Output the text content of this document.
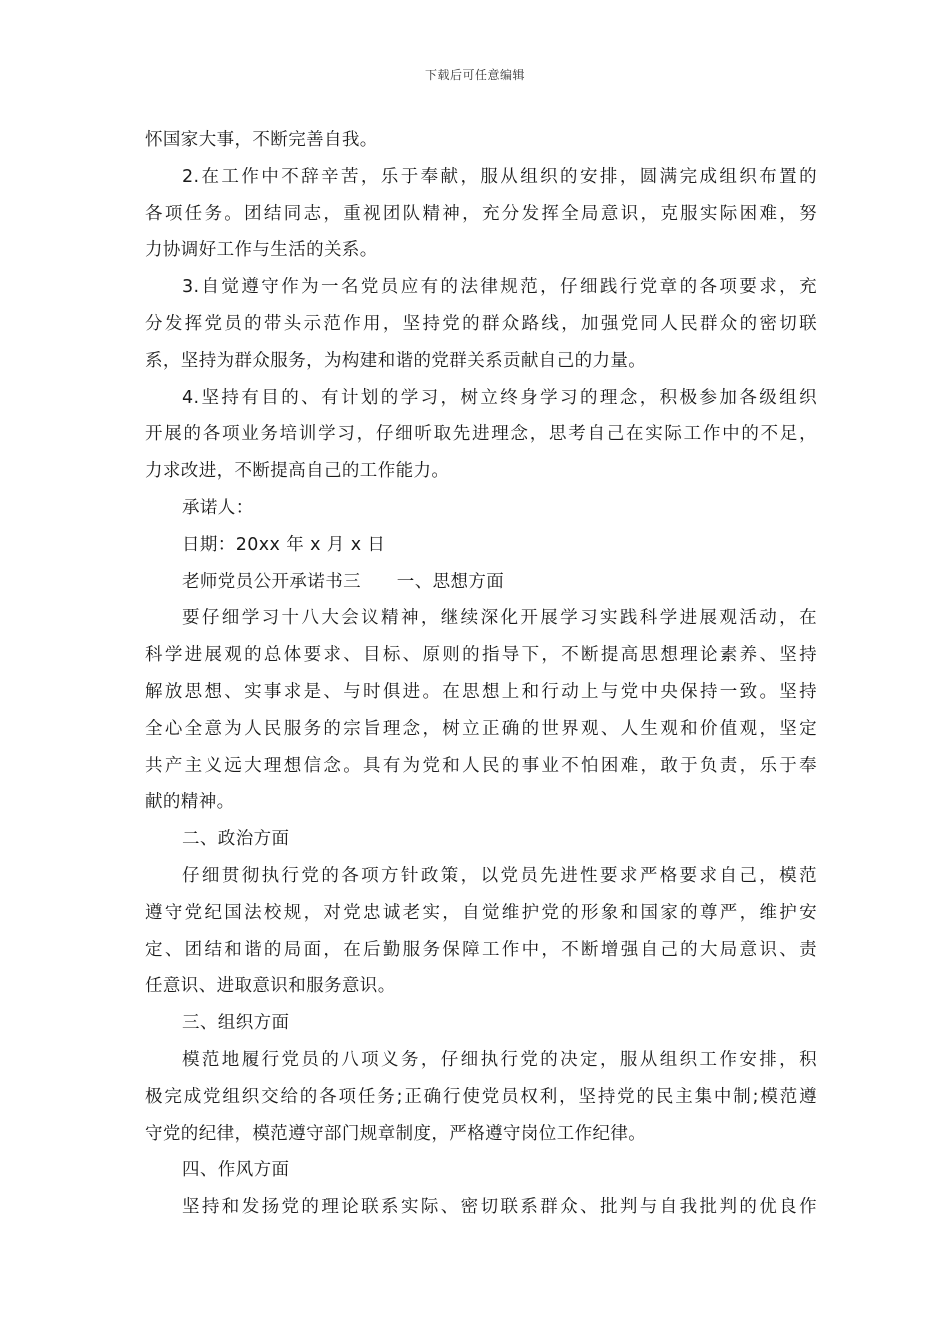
下载后可任意编辑
怀国家大事，不断完善自我。
2.在工作中不辞辛苦，乐于奉献，服从组织的安排，圆满完成组织布置的
各项任务。团结同志，重视团队精神，充分发挥全局意识，克服实际困难，努
力协调好工作与生活的关系。
3.自觉遵守作为一名党员应有的法律规范，仔细践行党章的各项要求，充
分发挥党员的带头示范作用，坚持党的群众路线，加强党同人民群众的密切联
系，坚持为群众服务，为构建和谐的党群关系贡献自己的力量。
4.坚持有目的、有计划的学习，树立终身学习的理念，积极参加各级组织
开展的各项业务培训学习，仔细听取先进理念，思考自己在实际工作中的不足，
力求改进，不断提高自己的工作能力。
承诺人：
日期：20xx 年 x 月 x 日
老师党员公开承诺书三　　一、思想方面
要仔细学习十八大会议精神，继续深化开展学习实践科学进展观活动，在
科学进展观的总体要求、目标、原则的指导下，不断提高思想理论素养、坚持
解放思想、实事求是、与时俱进。在思想上和行动上与党中央保持一致。坚持
全心全意为人民服务的宗旨理念，树立正确的世界观、人生观和价值观，坚定
共产主义远大理想信念。具有为党和人民的事业不怕困难，敢于负责，乐于奉
献的精神。
二、政治方面
仔细贯彻执行党的各项方针政策，以党员先进性要求严格要求自己，模范
遵守党纪国法校规，对党忠诚老实，自觉维护党的形象和国家的尊严，维护安
定、团结和谐的局面，在后勤服务保障工作中，不断增强自己的大局意识、责
任意识、进取意识和服务意识。
三、组织方面
模范地履行党员的八项义务，仔细执行党的决定，服从组织工作安排，积
极完成党组织交给的各项任务;正确行使党员权利，坚持党的民主集中制;模范遵
守党的纪律，模范遵守部门规章制度，严格遵守岗位工作纪律。
四、作风方面
坚持和发扬党的理论联系实际、密切联系群众、批判与自我批判的优良作
